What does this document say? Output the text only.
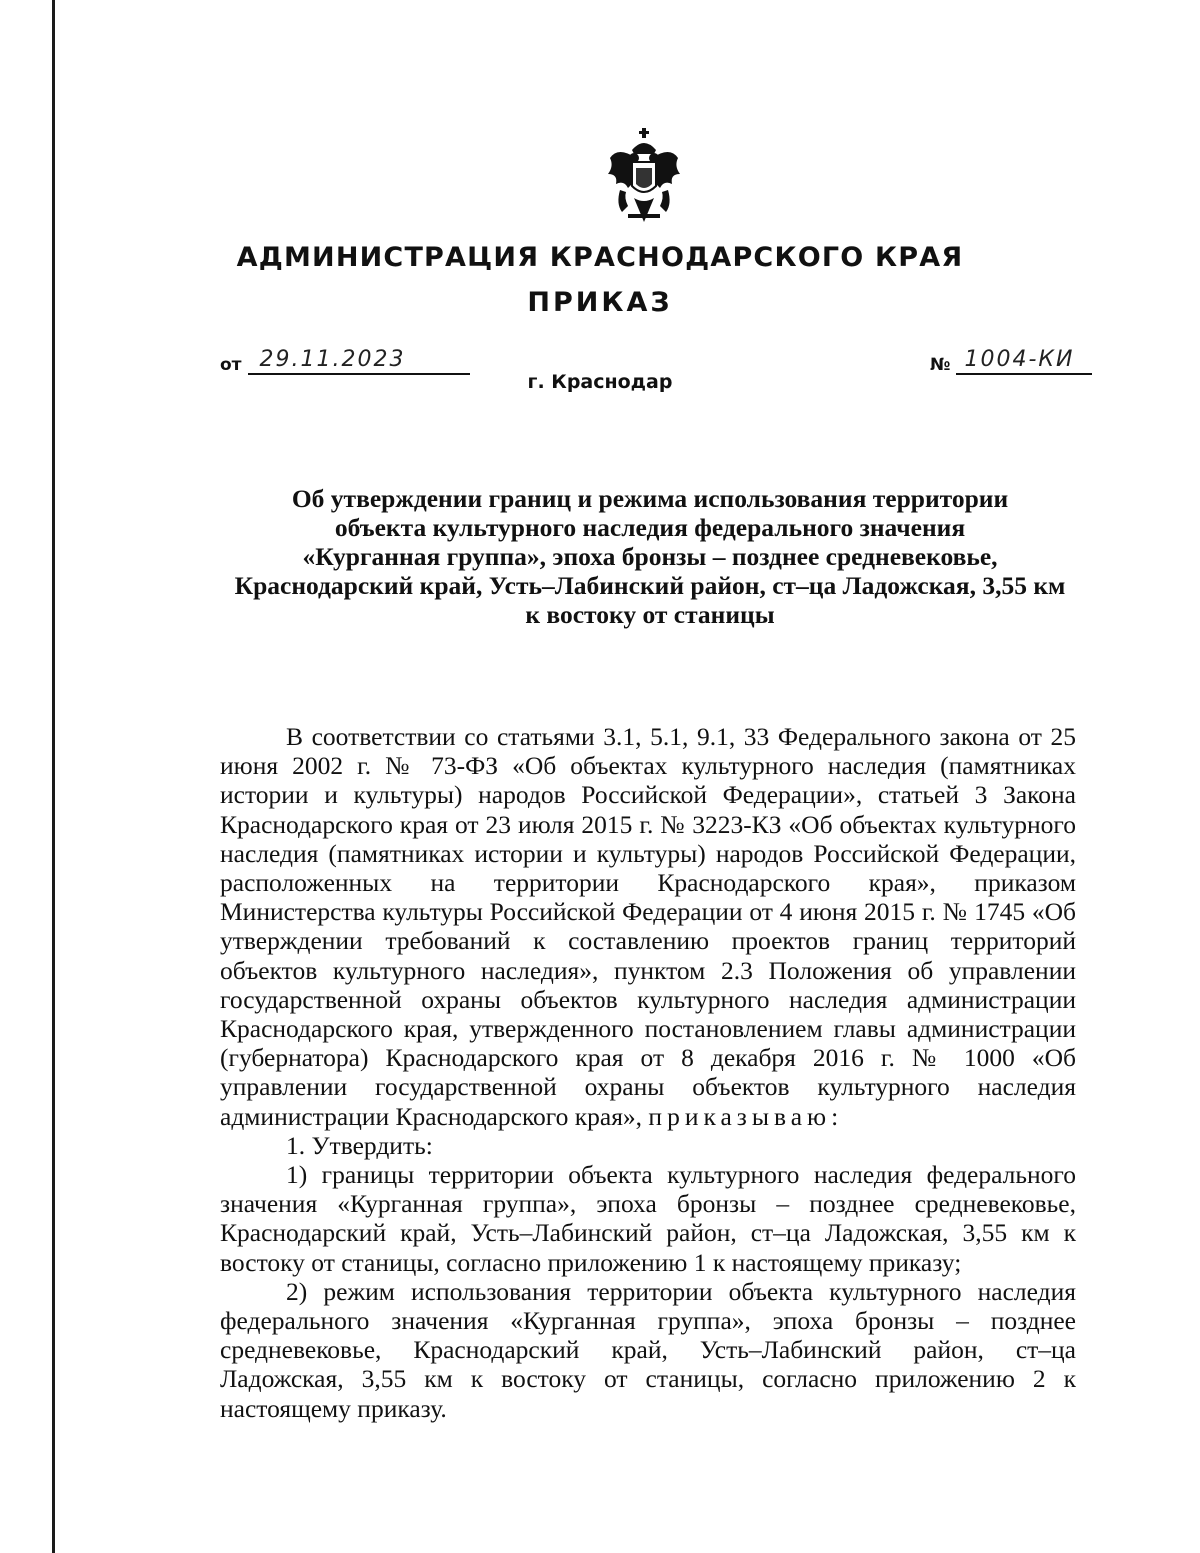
АДМИНИСТРАЦИЯ КРАСНОДАРСКОГО КРАЯ
ПРИКАЗ
от 29.11.2023	№ 1004-КИ
г. Краснодар
Об утверждении границ и режима использования территории
объекта культурного наследия федерального значения
«Курганная группа», эпоха бронзы – позднее средневековье,
Краснодарский край, Усть–Лабинский район, ст–ца Ладожская, 3,55 км
к востоку от станицы

В соответствии со статьями 3.1, 5.1, 9.1, 33 Федерального закона от 25 июня 2002 г. № 73-ФЗ «Об объектах культурного наследия (памятниках истории и культуры) народов Российской Федерации», статьей 3 Закона Краснодарского края от 23 июля 2015 г. № 3223-КЗ «Об объектах культурного наследия (памятниках истории и культуры) народов Российской Федерации, расположенных на территории Краснодарского края», приказом Министерства культуры Российской Федерации от 4 июня 2015 г. № 1745 «Об утверждении требований к составлению проектов границ территорий объектов культурного наследия», пунктом 2.3 Положения об управлении государственной охраны объектов культурного наследия администрации Краснодарского края, утвержденного постановлением главы администрации (губернатора) Краснодарского края от 8 декабря 2016 г. № 1000 «Об управлении государственной охраны объектов культурного наследия администрации Краснодарского края», приказываю:

1. Утвердить:

1) границы территории объекта культурного наследия федерального значения «Курганная группа», эпоха бронзы – позднее средневековье, Краснодарский край, Усть–Лабинский район, ст–ца Ладожская, 3,55 км к востоку от станицы, согласно приложению 1 к настоящему приказу;

2) режим использования территории объекта культурного наследия федерального значения «Курганная группа», эпоха бронзы – позднее средневековье, Краснодарский край, Усть–Лабинский район, ст–ца Ладожская, 3,55 км к востоку от станицы, согласно приложению 2 к настоящему приказу.
